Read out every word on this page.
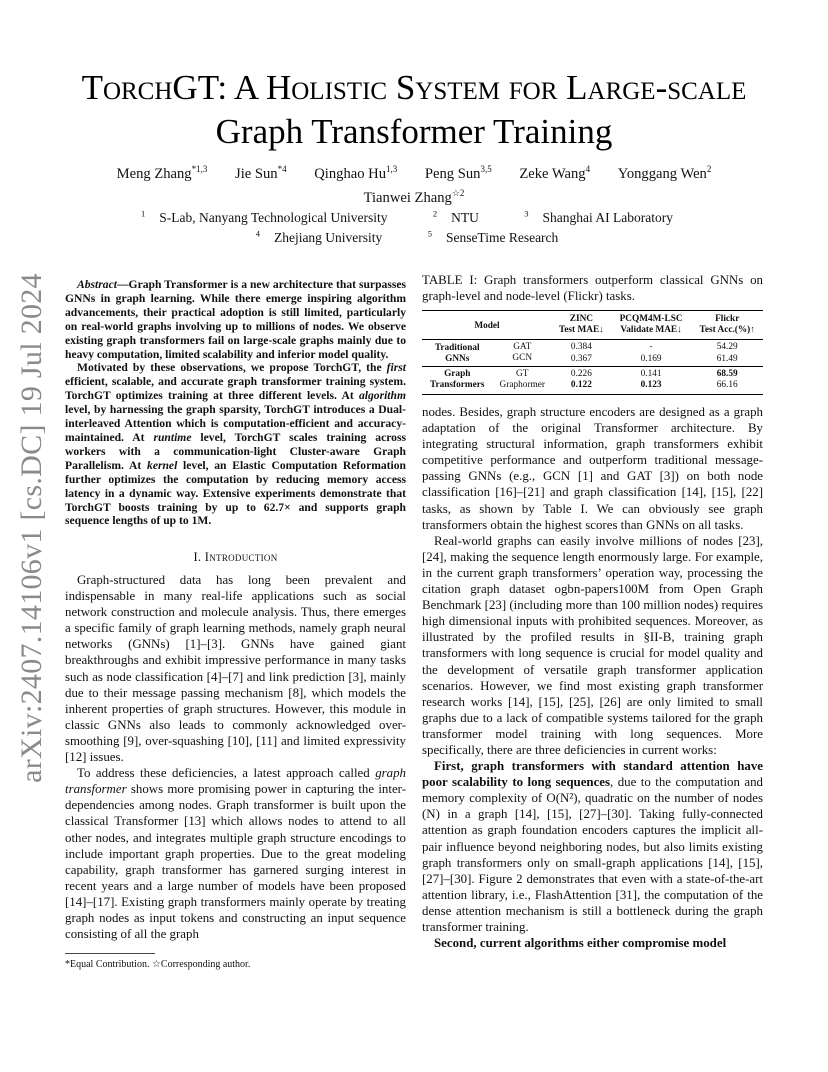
arXiv:2407.14106v1 [cs.DC] 19 Jul 2024
TorchGT: A Holistic System for Large-scale
Graph Transformer Training
Meng Zhang$^{*1,3}$ Jie Sun$^{*4}$ Qinghao Hu$^{1,3}$ Peng Sun$^{3,5}$ Zeke Wang$^4$ Yonggang Wen$^2$
Tianwei Zhang$^{☆2}$
$^1$ S-Lab, Nanyang Technological University	$^2$ NTU	$^3$ Shanghai AI Laboratory
$^4$ Zhejiang University	$^5$ SenseTime Research

Abstract—Graph Transformer is a new architecture that surpasses GNNs in graph learning. While there emerge inspiring algorithm advancements, their practical adoption is still limited, particularly on real-world graphs involving up to millions of nodes. We observe existing graph transformers fail on large-scale graphs mainly due to heavy computation, limited scalability and inferior model quality.

Motivated by these observations, we propose TorchGT, the first efficient, scalable, and accurate graph transformer training system. TorchGT optimizes training at three different levels. At algorithm level, by harnessing the graph sparsity, TorchGT introduces a Dual-interleaved Attention which is computation-efficient and accuracy-maintained. At runtime level, TorchGT scales training across workers with a communication-light Cluster-aware Graph Parallelism. At kernel level, an Elastic Computation Reformation further optimizes the computation by reducing memory access latency in a dynamic way. Extensive experiments demonstrate that TorchGT boosts training by up to 62.7× and supports graph sequence lengths of up to 1M.

I. Introduction

Graph-structured data has long been prevalent and indispensable in many real-life applications such as social network construction and molecule analysis. Thus, there emerges a specific family of graph learning methods, namely graph neural networks (GNNs) [1]–[3]. GNNs have gained giant breakthroughs and exhibit impressive performance in many tasks such as node classification [4]–[7] and link prediction [3], mainly due to their message passing mechanism [8], which models the inherent properties of graph structures. However, this module in classic GNNs also leads to commonly acknowledged over-smoothing [9], over-squashing [10], [11] and limited expressivity [12] issues.

To address these deficiencies, a latest approach called graph transformer shows more promising power in capturing the inter-dependencies among nodes. Graph transformer is built upon the classical Transformer [13] which allows nodes to attend to all other nodes, and integrates multiple graph structure encodings to include important graph properties. Due to the great modeling capability, graph transformer has garnered surging interest in recent years and a large number of models have been proposed [14]–[17]. Existing graph transformers mainly operate by treating graph nodes as input tokens and constructing an input sequence consisting of all the graph

*Equal Contribution. ☆Corresponding author.
TABLE I: Graph transformers outperform classical GNNs on graph-level and node-level (Flickr) tasks.
Model		ZINC	PCQM4M-LSC	Flickr
		Test MAE↓	Validate MAE↓	Test Acc.(%)↑
Traditional
GNNs	GAT	0.384	-	54.29
	GCN	0.367	0.169	61.49
Graph
Transformers	GT	0.226	0.141	68.59
	Graphormer	0.122	0.123	66.16

nodes. Besides, graph structure encoders are designed as a graph adaptation of the original Transformer architecture. By integrating structural information, graph transformers exhibit competitive performance and outperform traditional message-passing GNNs (e.g., GCN [1] and GAT [3]) on both node classification [16]–[21] and graph classification [14], [15], [22] tasks, as shown by Table I. We can obviously see graph transformers obtain the highest scores than GNNs on all tasks.

Real-world graphs can easily involve millions of nodes [23], [24], making the sequence length enormously large. For example, in the current graph transformers’ operation way, processing the citation graph dataset ogbn-papers100M from Open Graph Benchmark [23] (including more than 100 million nodes) requires high dimensional inputs with prohibited sequences. Moreover, as illustrated by the profiled results in §II-B, training graph transformers with long sequence is crucial for model quality and the development of versatile graph transformer application scenarios. However, we find most existing graph transformer research works [14], [15], [25], [26] are only limited to small graphs due to a lack of compatible systems tailored for the graph transformer model training with long sequences. More specifically, there are three deficiencies in current works:

First, graph transformers with standard attention have poor scalability to long sequences, due to the computation and memory complexity of O(N²), quadratic on the number of nodes (N) in a graph [14], [15], [27]–[30]. Taking fully-connected attention as graph foundation encoders captures the implicit all-pair influence beyond neighboring nodes, but also limits existing graph transformers only on small-graph applications [14], [15], [27]–[30]. Figure 2 demonstrates that even with a state-of-the-art attention library, i.e., FlashAttention [31], the computation of the dense attention mechanism is still a bottleneck during the graph transformer training.

Second, current algorithms either compromise model
